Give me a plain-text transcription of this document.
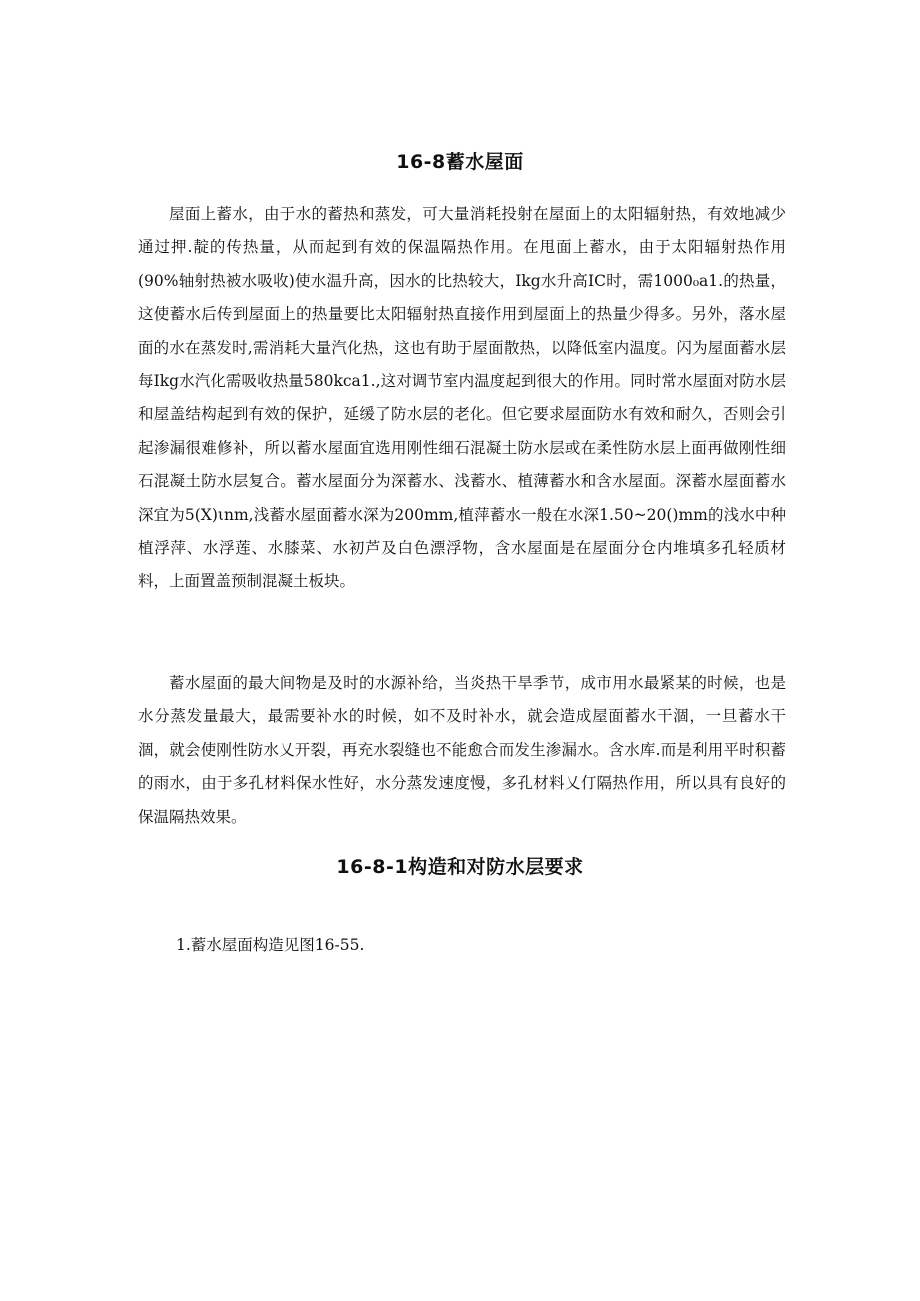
16-8蓄水屋面

屋面上蓄水，由于水的蓄热和蒸发，可大量消耗投射在屋面上的太阳辐射热，有效地减少通过押.靛的传热量，从而起到有效的保温隔热作用。在甩面上蓄水，由于太阳辐射热作用(90%轴射热被水吸收)使水温升高，因水的比热较大，Ikg水升高IC时，需1000₀a1.的热量，这使蓄水后传到屋面上的热量要比太阳辐射热直接作用到屋面上的热量少得多。另外，落水屋面的水在蒸发时,需消耗大量汽化热，这也有助于屋面散热，以降低室内温度。闪为屋面蓄水层每Ikg水汽化需吸收热量580kca1.,这对调节室内温度起到很大的作用。同时常水屋面对防水层和屋盖结构起到有效的保护，延缓了防水层的老化。但它要求屋面防水有效和耐久，否则会引起渗漏很难修补，所以蓄水屋面宜选用刚性细石混凝土防水层或在柔性防水层上面再做刚性细石混凝土防水层复合。蓄水屋面分为深蓄水、浅蓄水、植薄蓄水和含水屋面。深蓄水屋面蓄水深宜为5(X)ιnm,浅蓄水屋面蓄水深为200mm,植萍蓄水一般在水深1.50~20()mm的浅水中种植浮萍、水浮莲、水膝菜、水初芦及白色漂浮物，含水屋面是在屋面分仓内堆填多孔轻质材料，上面置盖预制混凝土板块。

蓄水屋面的最大间物是及时的水源补给，当炎热干旱季节，成市用水最紧某的时候，也是水分蒸发量最大，最需要补水的时候，如不及时补水，就会造成屋面蓄水干涸，一旦蓄水干涸，就会使刚性防水乂开裂，再充水裂缝也不能愈合而发生渗漏水。含水库.而是利用平时积蓄的雨水，由于多孔材料保水性好，水分蒸发速度慢，多孔材料乂仃隔热作用，所以具有良好的保温隔热效果。

16-8-1构造和对防水层要求

1.蓄水屋面构造见图16-55.
